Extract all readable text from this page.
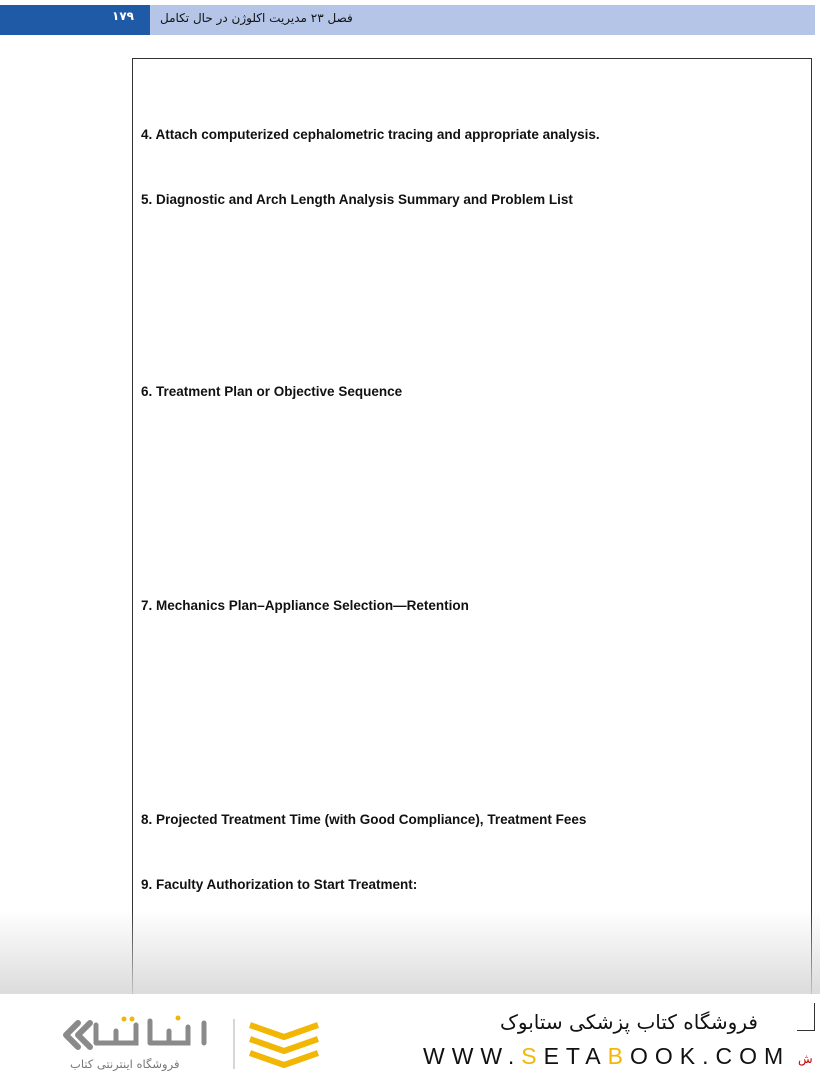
۱۷۹ فصل ۲۳ مدیریت اکلوژن در حال تکامل
4. Attach computerized cephalometric tracing and appropriate analysis.
5. Diagnostic and Arch Length Analysis Summary and Problem List
6. Treatment Plan or Objective Sequence
7. Mechanics Plan–Appliance Selection—Retention
8. Projected Treatment Time (with Good Compliance), Treatment Fees
9. Faculty Authorization to Start Treatment:
ش
فروشگاه کتاب پزشکی ستابوک
WWW.SETABOOK.COM
فروشگاه اینترنتی کتاب
